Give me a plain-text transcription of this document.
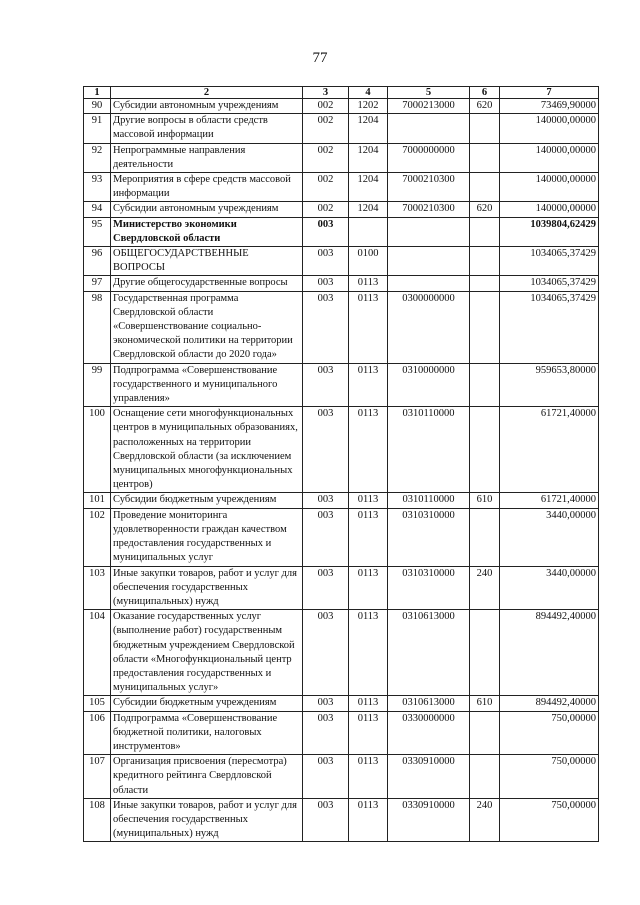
77
1	2	3	4	5	6	7
90	Субсидии автономным учреждениям	002	1202	7000213000	620	73469,90000
91	Другие вопросы в области средств массовой информации	002	1204			140000,00000
92	Непрограммные направления деятельности	002	1204	7000000000		140000,00000
93	Мероприятия в сфере средств массовой информации	002	1204	7000210300		140000,00000
94	Субсидии автономным учреждениям	002	1204	7000210300	620	140000,00000
95	Министерство экономики Свердловской области	003				1039804,62429
96	ОБЩЕГОСУДАРСТВЕННЫЕ ВОПРОСЫ	003	0100			1034065,37429
97	Другие общегосударственные вопросы	003	0113			1034065,37429
98	Государственная программа Свердловской области «Совершенствование социально-экономической политики на территории Свердловской области до 2020 года»	003	0113	0300000000		1034065,37429
99	Подпрограмма «Совершенствование государственного и муниципального управления»	003	0113	0310000000		959653,80000
100	Оснащение сети многофункциональных центров в муниципальных образованиях, расположенных на территории Свердловской области (за исключением муниципальных многофункциональных центров)	003	0113	0310110000		61721,40000
101	Субсидии бюджетным учреждениям	003	0113	0310110000	610	61721,40000
102	Проведение мониторинга удовлетворенности граждан качеством предоставления государственных и муниципальных услуг	003	0113	0310310000		3440,00000
103	Иные закупки товаров, работ и услуг для обеспечения государственных (муниципальных) нужд	003	0113	0310310000	240	3440,00000
104	Оказание государственных услуг (выполнение работ) государственным бюджетным учреждением Свердловской области «Многофункциональный центр предоставления государственных и муниципальных услуг»	003	0113	0310613000		894492,40000
105	Субсидии бюджетным учреждениям	003	0113	0310613000	610	894492,40000
106	Подпрограмма «Совершенствование бюджетной политики, налоговых инструментов»	003	0113	0330000000		750,00000
107	Организация присвоения (пересмотра) кредитного рейтинга Свердловской области	003	0113	0330910000		750,00000
108	Иные закупки товаров, работ и услуг для обеспечения государственных (муниципальных) нужд	003	0113	0330910000	240	750,00000
